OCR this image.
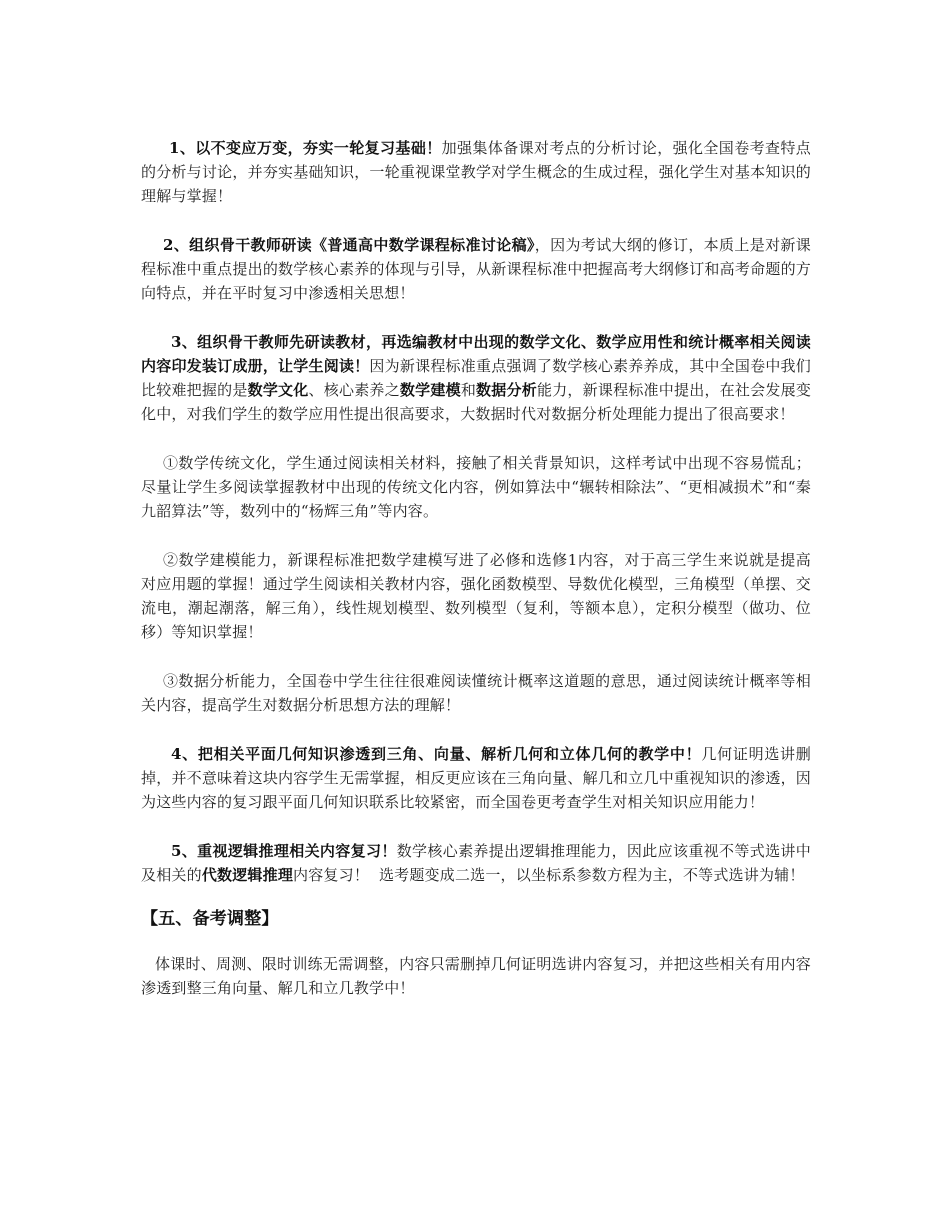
1、以不变应万变，夯实一轮复习基础！加强集体备课对考点的分析讨论，强化全国卷考查特点的分析与讨论，并夯实基础知识，一轮重视课堂教学对学生概念的生成过程，强化学生对基本知识的理解与掌握！

2、组织骨干教师研读《普通高中数学课程标准讨论稿》，因为考试大纲的修订，本质上是对新课程标准中重点提出的数学核心素养的体现与引导，从新课程标准中把握高考大纲修订和高考命题的方向特点，并在平时复习中渗透相关思想！

3、组织骨干教师先研读教材，再选编教材中出现的数学文化、数学应用性和统计概率相关阅读内容印发装订成册，让学生阅读！因为新课程标准重点强调了数学核心素养养成，其中全国卷中我们比较难把握的是数学文化、核心素养之数学建模和数据分析能力，新课程标准中提出，在社会发展变化中，对我们学生的数学应用性提出很高要求，大数据时代对数据分析处理能力提出了很高要求！

①数学传统文化，学生通过阅读相关材料，接触了相关背景知识，这样考试中出现不容易慌乱；尽量让学生多阅读掌握教材中出现的传统文化内容，例如算法中“辗转相除法”、“更相减损术”和“秦九韶算法”等，数列中的“杨辉三角”等内容。

②数学建模能力，新课程标准把数学建模写进了必修和选修1内容，对于高三学生来说就是提高对应用题的掌握！通过学生阅读相关教材内容，强化函数模型、导数优化模型，三角模型（单摆、交流电，潮起潮落，解三角），线性规划模型、数列模型（复利，等额本息），定积分模型（做功、位移）等知识掌握！

③数据分析能力，全国卷中学生往往很难阅读懂统计概率这道题的意思，通过阅读统计概率等相关内容，提高学生对数据分析思想方法的理解！

4、把相关平面几何知识渗透到三角、向量、解析几何和立体几何的教学中！几何证明选讲删掉，并不意味着这块内容学生无需掌握，相反更应该在三角向量、解几和立几中重视知识的渗透，因为这些内容的复习跟平面几何知识联系比较紧密，而全国卷更考查学生对相关知识应用能力！

5、重视逻辑推理相关内容复习！数学核心素养提出逻辑推理能力，因此应该重视不等式选讲中及相关的代数逻辑推理内容复习！  选考题变成二选一，以坐标系参数方程为主，不等式选讲为辅！

【五、备考调整】

体课时、周测、限时训练无需调整，内容只需删掉几何证明选讲内容复习，并把这些相关有用内容渗透到整三角向量、解几和立几教学中！
